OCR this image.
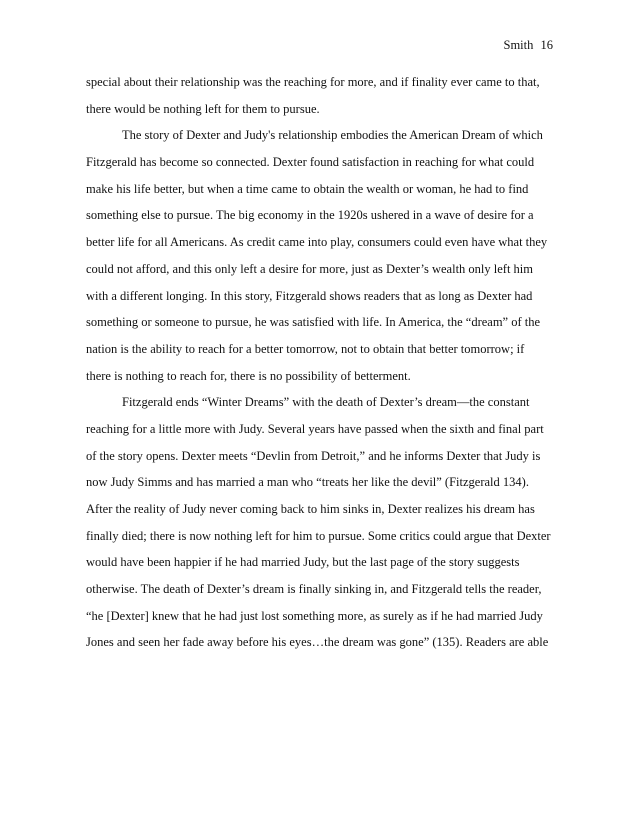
Smith 16
special about their relationship was the reaching for more, and if finality ever came to that,
there would be nothing left for them to pursue.
The story of Dexter and Judy's relationship embodies the American Dream of which
Fitzgerald has become so connected. Dexter found satisfaction in reaching for what could
make his life better, but when a time came to obtain the wealth or woman, he had to find
something else to pursue. The big economy in the 1920s ushered in a wave of desire for a
better life for all Americans. As credit came into play, consumers could even have what they
could not afford, and this only left a desire for more, just as Dexter’s wealth only left him
with a different longing. In this story, Fitzgerald shows readers that as long as Dexter had
something or someone to pursue, he was satisfied with life. In America, the “dream” of the
nation is the ability to reach for a better tomorrow, not to obtain that better tomorrow; if
there is nothing to reach for, there is no possibility of betterment.
Fitzgerald ends “Winter Dreams” with the death of Dexter’s dream—the constant
reaching for a little more with Judy. Several years have passed when the sixth and final part
of the story opens. Dexter meets “Devlin from Detroit,” and he informs Dexter that Judy is
now Judy Simms and has married a man who “treats her like the devil” (Fitzgerald 134).
After the reality of Judy never coming back to him sinks in, Dexter realizes his dream has
finally died; there is now nothing left for him to pursue. Some critics could argue that Dexter
would have been happier if he had married Judy, but the last page of the story suggests
otherwise. The death of Dexter’s dream is finally sinking in, and Fitzgerald tells the reader,
“he [Dexter] knew that he had just lost something more, as surely as if he had married Judy
Jones and seen her fade away before his eyes…the dream was gone” (135). Readers are able
